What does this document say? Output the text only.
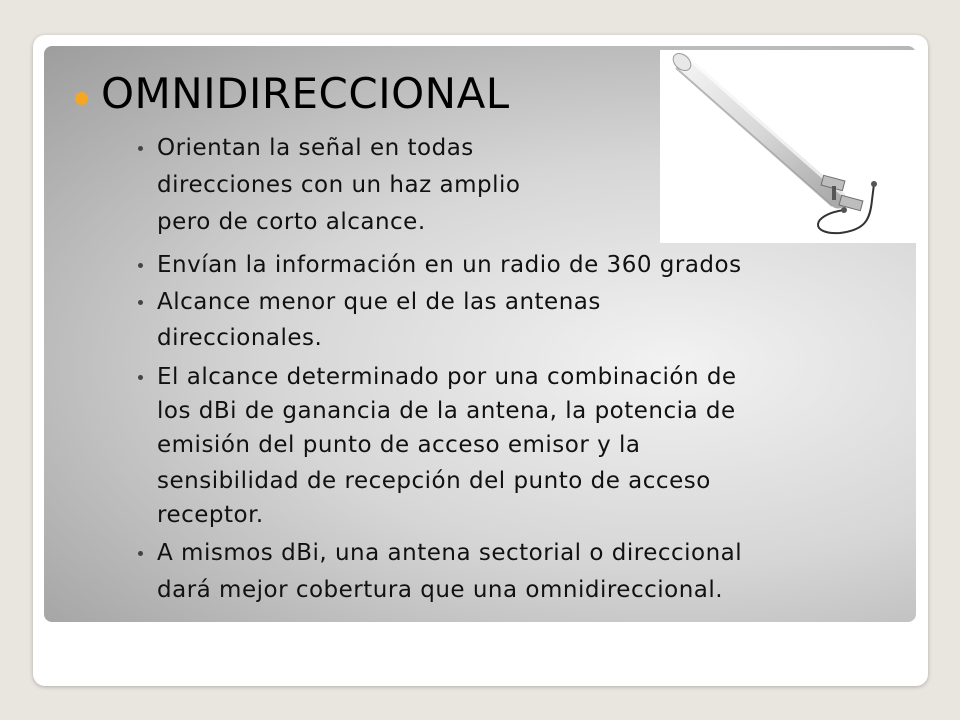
OMNIDIRECCIONAL
Orientan la señal en todas
direcciones con un haz amplio
pero de corto alcance.
Envían la información en un radio de 360 grados
Alcance menor que el de las antenas
direccionales.
El alcance determinado por una combinación de
los dBi de ganancia de la antena, la potencia de
emisión del punto de acceso emisor y la
sensibilidad de recepción del punto de acceso
receptor.
A mismos dBi, una antena sectorial o direccional
dará mejor cobertura que una omnidireccional.
